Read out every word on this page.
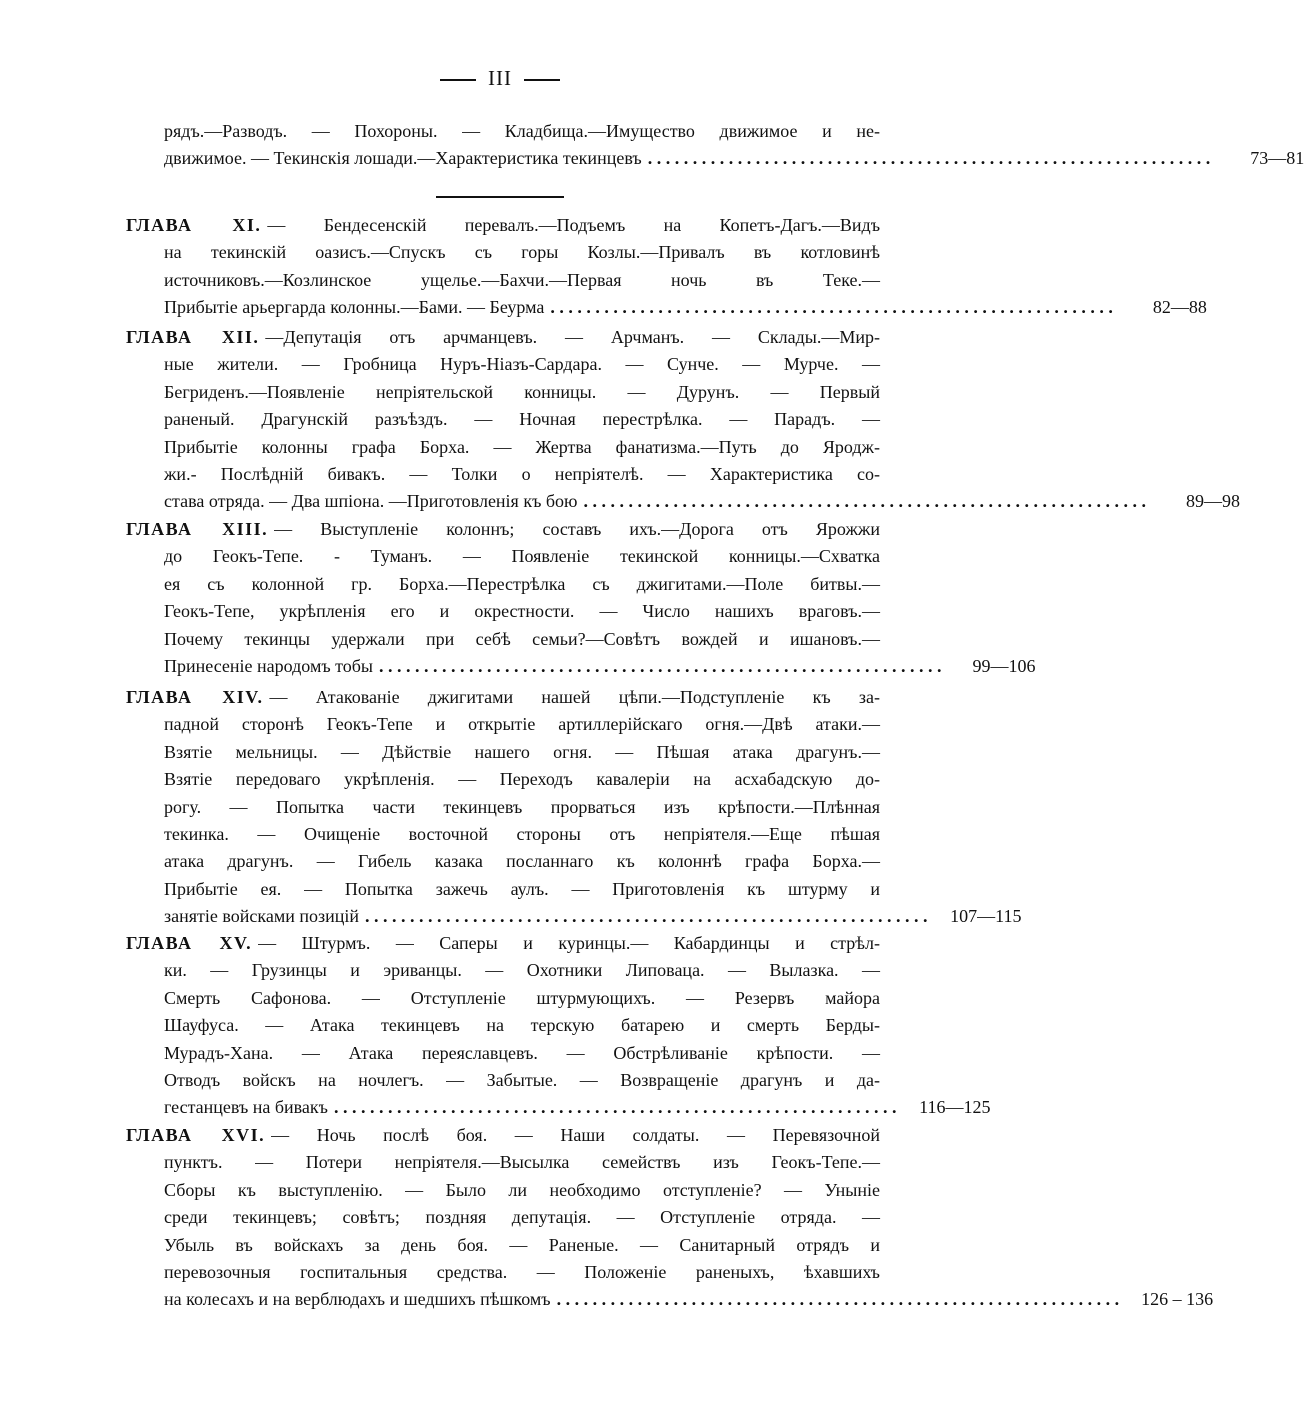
III
рядъ.—Разводъ. — Похороны. — Кладбища.—Имущество движимое и не-
движимое. — Текинскія лошади.—Характеристика текинцевъ . . .	73—81
ГЛАВА XI. — Бендесенскій перевалъ.—Подъемъ на Копетъ-Дагъ.—Видъ
на текинскій оазисъ.—Спускъ съ горы Козлы.—Привалъ въ котловинѣ
источниковъ.—Козлинское ущелье.—Бахчи.—Первая ночь въ Теке.—
Прибытіе арьергарда колонны.—Бами. — Беурма . . .	82—88
ГЛАВА XII. —Депутація отъ арчманцевъ. — Арчманъ. — Склады.—Мир-
ные жители. — Гробница Нуръ-Ніазъ-Сардара. — Сунче. — Мурче. —
Бегриденъ.—Появленіе непріятельской конницы. — Дурунъ. — Первый
раненый. Драгунскій разъѣздъ. — Ночная перестрѣлка. — Парадъ. —
Прибытіе колонны графа Борха. — Жертва фанатизма.—Путь до Яродж-
жи.- Послѣдній бивакъ. — Толки о непріятелѣ. — Характеристика со-
става отряда. — Два шпіона. —Приготовленія къ бою . . .	89—98
ГЛАВА XIII. — Выступленіе колоннъ; составъ ихъ.—Дорога отъ Ярожжи
до Геокъ-Тепе. - Туманъ. — Появленіе текинской конницы.—Схватка
ея съ колонной гр. Борха.—Перестрѣлка съ джигитами.—Поле битвы.—
Геокъ-Тепе, укрѣпленія его и окрестности. — Число нашихъ враговъ.—
Почему текинцы удержали при себѣ семьи?—Совѣтъ вождей и ишановъ.—
Принесеніе народомъ тобы . . .	99—106
ГЛАВА XIV. — Атакованіе джигитами нашей цѣпи.—Подступленіе къ за-
падной сторонѣ Геокъ-Тепе и открытіе артиллерійскаго огня.—Двѣ атаки.—
Взятіе мельницы. — Дѣйствіе нашего огня. — Пѣшая атака драгунъ.—
Взятіе передоваго укрѣпленія. — Переходъ кавалеріи на асхабадскую до-
рогу. — Попытка части текинцевъ прорваться изъ крѣпости.—Плѣнная
текинка. — Очищеніе восточной стороны отъ непріятеля.—Еще пѣшая
атака драгунъ. — Гибель казака посланнаго къ колоннѣ графа Борха.—
Прибытіе ея. — Попытка зажечь аулъ. — Приготовленія къ штурму и
занятіе войсками позицій . . .	107—115
ГЛАВА XV. — Штурмъ. — Саперы и куринцы.— Кабардинцы и стрѣл-
ки. — Грузинцы и эриванцы. — Охотники Липоваца. — Вылазка. —
Смерть Сафонова. — Отступленіе штурмующихъ. — Резервъ майора
Шауфуса. — Атака текинцевъ на терскую батарею и смерть Берды-
Мурадъ-Хана. — Атака переяславцевъ. — Обстрѣливаніе крѣпости. —
Отводъ войскъ на ночлегъ. — Забытые. — Возвращеніе драгунъ и да-
гестанцевъ на бивакъ . . .	116—125
ГЛАВА XVI. — Ночь послѣ боя. — Наши солдаты. — Перевязочной
пунктъ. — Потери непріятеля.—Высылка семействъ изъ Геокъ-Тепе.—
Сборы къ выступленію. — Было ли необходимо отступленіе? — Уныніе
среди текинцевъ; совѣтъ; поздняя депутація. — Отступленіе отряда. —
Убыль въ войскахъ за день боя. — Раненые. — Санитарный отрядъ и
перевозочныя госпитальныя средства. — Положеніе раненыхъ, ѣхавшихъ
на колесахъ и на верблюдахъ и шедшихъ пѣшкомъ . . .	126 – 136
